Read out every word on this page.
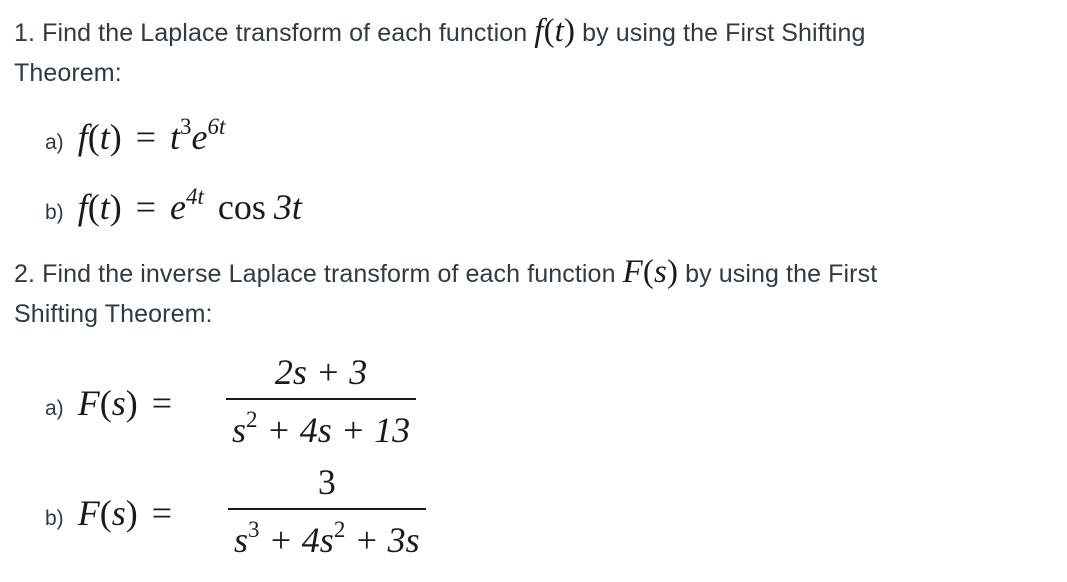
1. Find the Laplace transform of each function f(t) by using the First Shifting
Theorem:
a) $f(t) = t^3e^{6t}$
b) $f(t) = e^{4t}$ cos 3t
2. Find the inverse Laplace transform of each function F(s) by using the First
Shifting Theorem:
a) F(s) =	$\frac{2s + 3}{s^2 + 4s + 13}$
b) F(s) =	$\frac{3}{s^3 + 4s^2 + 3s}$
